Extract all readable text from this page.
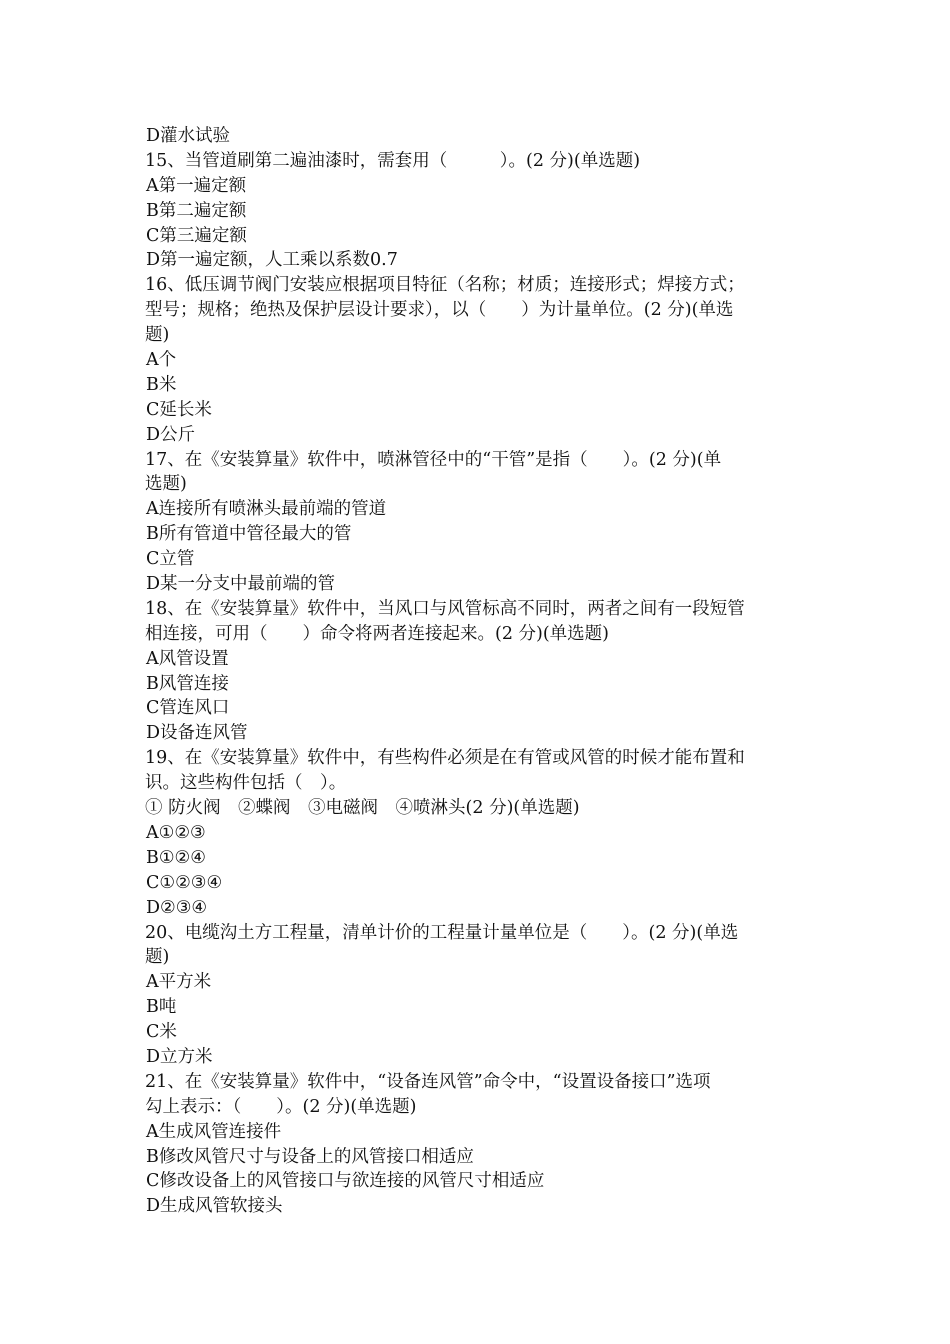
D灌水试验
15、当管道刷第二遍油漆时，需套用（　　　）。(2 分)(单选题)
A第一遍定额
B第二遍定额
C第三遍定额
D第一遍定额，人工乘以系数0.7
16、低压调节阀门安装应根据项目特征（名称；材质；连接形式；焊接方式；
型号；规格；绝热及保护层设计要求），以（　　）为计量单位。(2 分)(单选
题)
A个
B米
C延长米
D公斤
17、在《安装算量》软件中，喷淋管径中的“干管”是指（　　）。(2 分)(单
选题)
A连接所有喷淋头最前端的管道
B所有管道中管径最大的管
C立管
D某一分支中最前端的管
18、在《安装算量》软件中，当风口与风管标高不同时，两者之间有一段短管
相连接，可用（　　）命令将两者连接起来。(2 分)(单选题)
A风管设置
B风管连接
C管连风口
D设备连风管
19、在《安装算量》软件中，有些构件必须是在有管或风管的时候才能布置和
识。这些构件包括（　）。
① 防火阀　②蝶阀　③电磁阀　④喷淋头(2 分)(单选题)
A①②③
B①②④
C①②③④
D②③④
20、电缆沟土方工程量，清单计价的工程量计量单位是（　　）。(2 分)(单选
题)
A平方米
B吨
C米
D立方米
21、在《安装算量》软件中，“设备连风管”命令中，“设置设备接口”选项
勾上表示：（　　）。(2 分)(单选题)
A生成风管连接件
B修改风管尺寸与设备上的风管接口相适应
C修改设备上的风管接口与欲连接的风管尺寸相适应
D生成风管软接头
